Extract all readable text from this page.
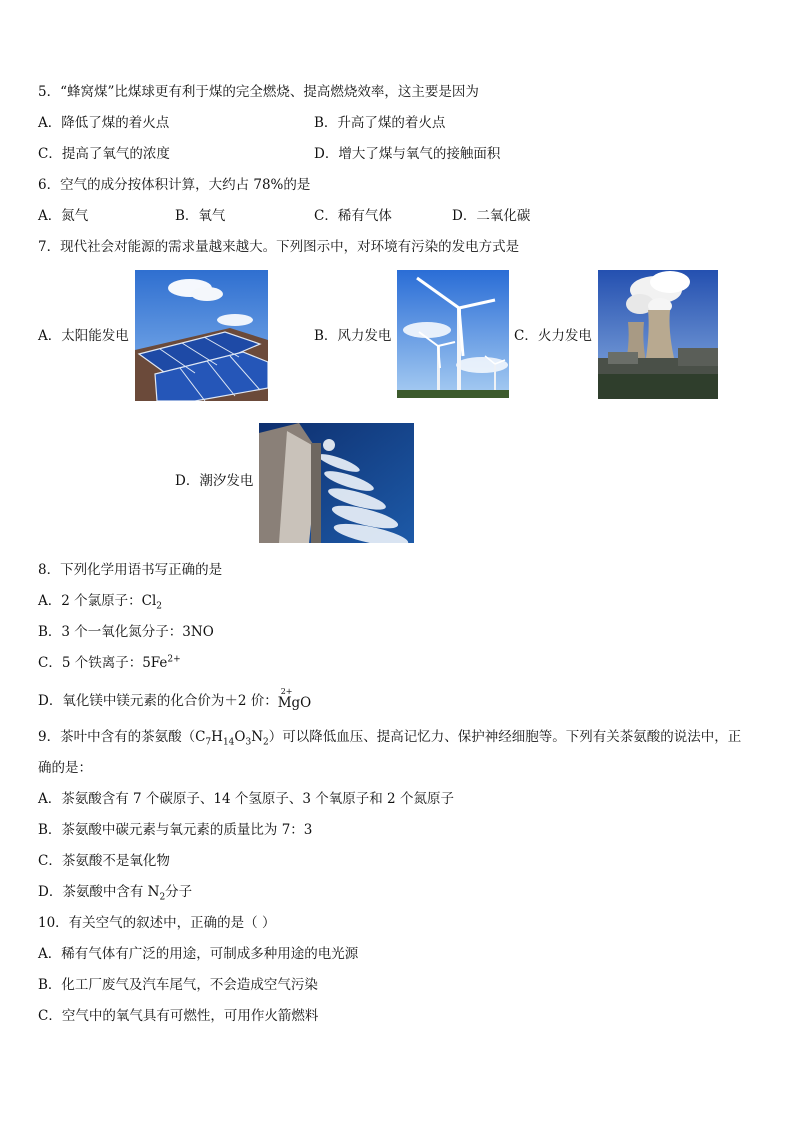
5．“蜂窝煤”比煤球更有利于煤的完全燃烧、提高燃烧效率，这主要是因为
A．降低了煤的着火点	B．升高了煤的着火点
C．提高了氧气的浓度	D．增大了煤与氧气的接触面积
6．空气的成分按体积计算，大约占 78%的是
A．氮气	B．氧气	C．稀有气体	D．二氧化碳
7．现代社会对能源的需求量越来越大。下列图示中，对环境有污染的发电方式是
A．太阳能发电	B．风力发电	C．火力发电
D．潮汐发电
8．下列化学用语书写正确的是
A．2 个氯原子：$Cl_2$
B．3 个一氧化氮分子：3NO
C．5 个铁离子：$5Fe^{2+}$
D．氧化镁中镁元素的化合价为＋2 价：
2+
MgO
9．茶叶中含有的茶氨酸$(C_7H_{14}O_3N_2)$可以降低血压、提高记忆力、保护神经细胞等。下列有关茶氨酸的说法中，正
确的是：
A．茶氨酸含有 7 个碳原子、14 个氢原子、3 个氧原子和 2 个氮原子
B．茶氨酸中碳元素与氧元素的质量比为 7：3
C．茶氨酸不是氧化物
D．茶氨酸中含有 $N_2$分子
10．有关空气的叙述中，正确的是（ ）
A．稀有气体有广泛的用途，可制成多种用途的电光源
B．化工厂废气及汽车尾气，不会造成空气污染
C．空气中的氧气具有可燃性，可用作火箭燃料
